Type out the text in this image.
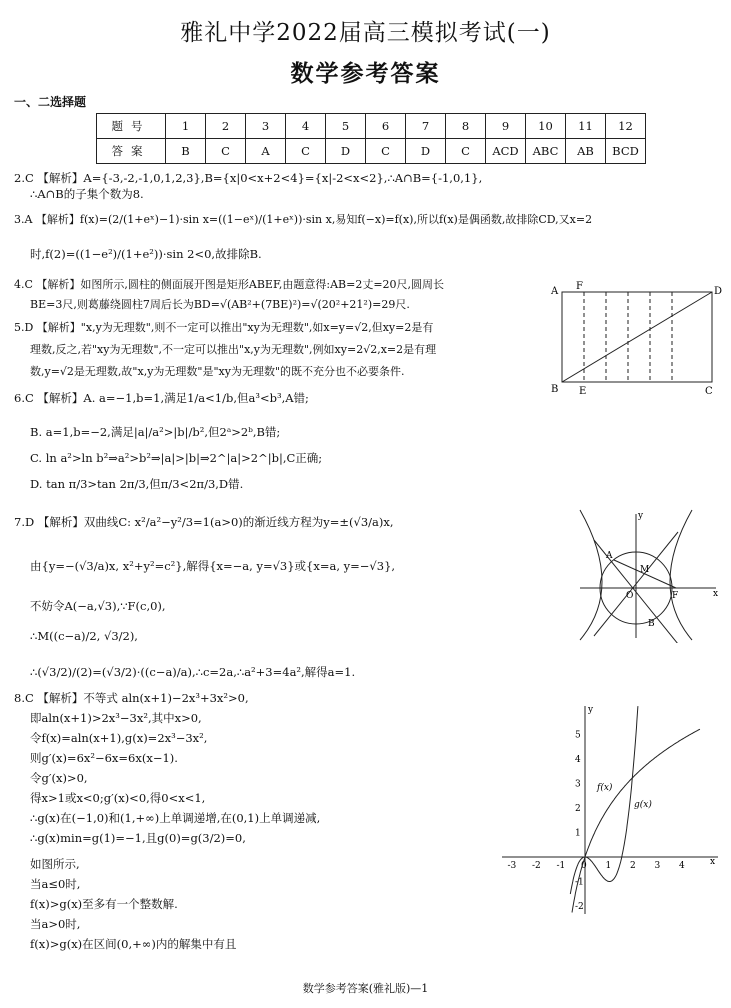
雅礼中学2022届高三模拟考试(一)
数学参考答案
一、二选择题
题号	1	2	3	4	5	6	7	8	9	10	11	12
答案	B	C	A	C	D	C	D	C	ACD	ABC	AB	BCD
2.C 【解析】A={-3,-2,-1,0,1,2,3},B={x|0<x+2<4}={x|-2<x<2},∴A∩B={-1,0,1},
∴A∩B的子集个数为8.
3.A 【解析】f(x)=(2/(1+eˣ)−1)·sin x=((1−eˣ)/(1+eˣ))·sin x,易知f(−x)=f(x),所以f(x)是偶函数,故排除CD,又x=2
时,f(2)=((1−e²)/(1+e²))·sin 2<0,故排除B.
4.C 【解析】如图所示,圆柱的侧面展开图是矩形ABEF,由题意得:AB=2丈=20尺,圆周长
BE=3尺,则葛藤绕圆柱7周后长为BD=√(AB²+(7BE)²)=√(20²+21²)=29尺.
5.D 【解析】"x,y为无理数",则不一定可以推出"xy为无理数",如x=y=√2,但xy=2是有
理数,反之,若"xy为无理数",不一定可以推出"x,y为无理数",例如xy=2√2,x=2是有理
数,y=√2是无理数,故"x,y为无理数"是"xy为无理数"的既不充分也不必要条件.
6.C 【解析】A. a=−1,b=1,满足1/a<1/b,但a³<b³,A错;
B. a=1,b=−2,满足|a|/a²>|b|/b²,但2ᵃ>2ᵇ,B错;
C. ln a²>ln b²⇒a²>b²⇒|a|>|b|⇒2^|a|>2^|b|,C正确;
D. tan π/3>tan 2π/3,但π/3<2π/3,D错.
7.D 【解析】双曲线C: x²/a²−y²/3=1(a>0)的渐近线方程为y=±(√3/a)x,
由{y=−(√3/a)x, x²+y²=c²},解得{x=−a, y=√3}或{x=a, y=−√3},
不妨令A(−a,√3),∵F(c,0),
∴M((c−a)/2, √3/2),
∴(√3/2)/(2)=(√3/2)·((c−a)/a),∴c=2a,∴a²+3=4a²,解得a=1.
8.C 【解析】不等式 aln(x+1)−2x³+3x²>0,
即aln(x+1)>2x³−3x²,其中x>0,
令f(x)=aln(x+1),g(x)=2x³−3x²,
则g′(x)=6x²−6x=6x(x−1).
令g′(x)>0,
得x>1或x<0;g′(x)<0,得0<x<1,
∴g(x)在(−1,0)和(1,+∞)上单调递增,在(0,1)上单调递减,
∴g(x)min=g(1)=−1,且g(0)=g(3/2)=0,
如图所示,
当a≤0时,
f(x)>g(x)至多有一个整数解.
当a>0时,
f(x)>g(x)在区间(0,+∞)内的解集中有且
F
A	D
B E	C
y
A
M
O	F	x
B
x
y
-3 -2 -1 0 1 2 3 4
5
4
3
2
1
-1
-2
f(x)
g(x)
数学参考答案(雅礼版)—1
